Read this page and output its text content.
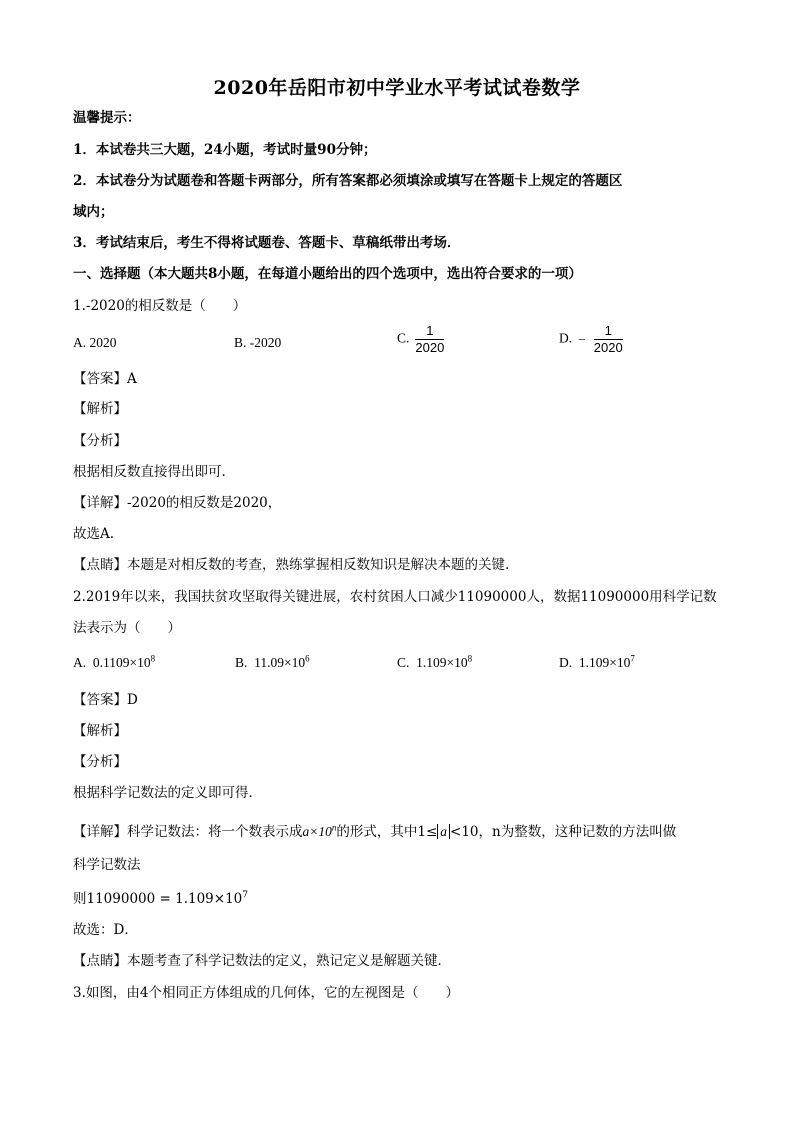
2020年岳阳市初中学业水平考试试卷数学
温馨提示：
1．本试卷共三大题，24小题，考试时量90分钟；
2．本试卷分为试题卷和答题卡两部分，所有答案都必须填涂或填写在答题卡上规定的答题区
域内；
3．考试结束后，考生不得将试题卷、答题卡、草稿纸带出考场．
一、选择题（本大题共8小题，在每道小题给出的四个选项中，选出符合要求的一项）
1.-2020的相反数是（　　）
A. 2020	B. -2020	C. $\frac{1}{2020}$	D. − $\frac{1}{2020}$
【答案】A
【解析】
【分析】
根据相反数直接得出即可.
【详解】-2020的相反数是2020，
故选A.
【点睛】本题是对相反数的考查，熟练掌握相反数知识是解决本题的关键.
2.2019年以来，我国扶贫攻坚取得关键进展，农村贫困人口减少11090000人，数据11090000用科学记数
法表示为（　　）
A. $0.1109\times 10^8$	B. $11.09\times 10^6$	C. $1.109\times 10^8$	D. $1.109\times 10^7$
【答案】D
【解析】
【分析】
根据科学记数法的定义即可得．
【详解】科学记数法：将一个数表示成$a\times 10^n$的形式，其中1≤ a <10，n为整数，这种记数的方法叫做
科学记数法
则$11090000 = 1.109\times 10^7$
故选：D．
【点睛】本题考查了科学记数法的定义，熟记定义是解题关键．
3.如图，由4个相同正方体组成的几何体，它的左视图是（　　）
